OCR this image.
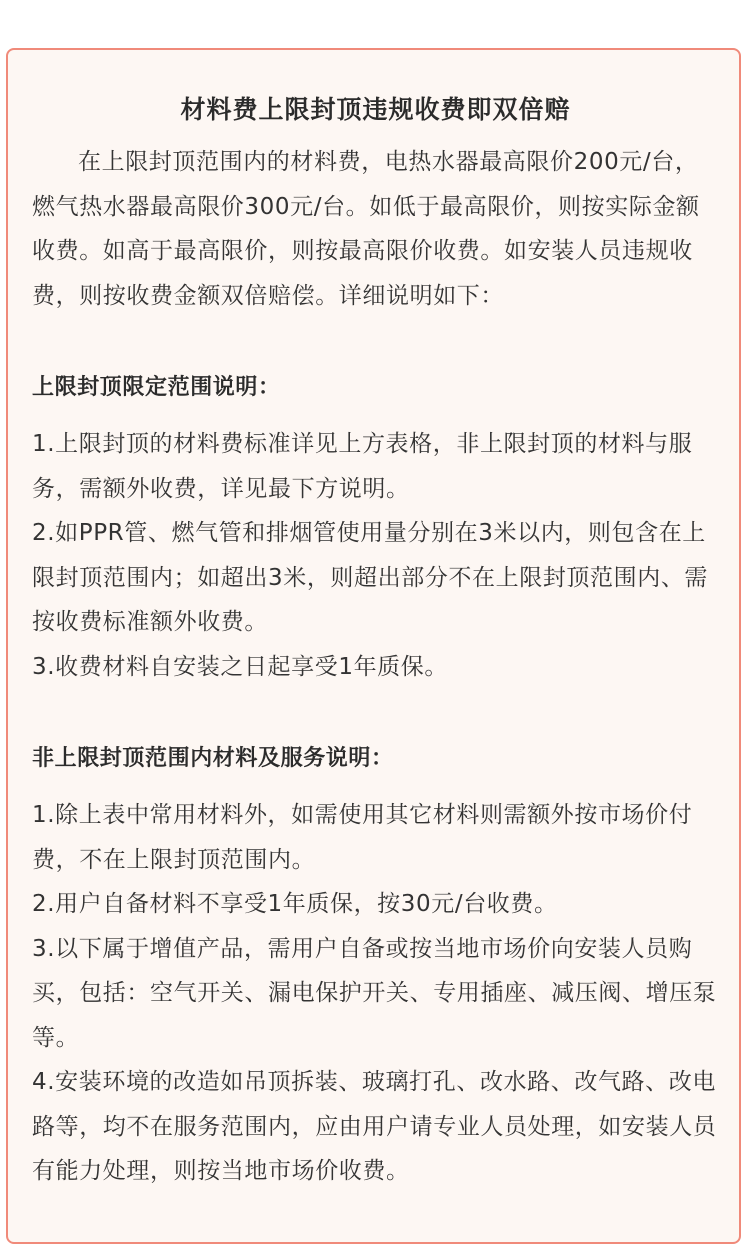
材料费上限封顶违规收费即双倍赔

在上限封顶范围内的材料费，电热水器最高限价200元/台，燃气热水器最高限价300元/台。如低于最高限价，则按实际金额收费。如高于最高限价，则按最高限价收费。如安装人员违规收费，则按收费金额双倍赔偿。详细说明如下：

上限封顶限定范围说明：

1.上限封顶的材料费标准详见上方表格，非上限封顶的材料与服务，需额外收费，详见最下方说明。

2.如PPR管、燃气管和排烟管使用量分别在3米以内，则包含在上限封顶范围内；如超出3米，则超出部分不在上限封顶范围内、需按收费标准额外收费。

3.收费材料自安装之日起享受1年质保。

非上限封顶范围内材料及服务说明：

1.除上表中常用材料外，如需使用其它材料则需额外按市场价付费，不在上限封顶范围内。

2.用户自备材料不享受1年质保，按30元/台收费。

3.以下属于增值产品，需用户自备或按当地市场价向安装人员购买，包括：空气开关、漏电保护开关、专用插座、减压阀、增压泵等。

4.安装环境的改造如吊顶拆装、玻璃打孔、改水路、改气路、改电路等，均不在服务范围内，应由用户请专业人员处理，如安装人员有能力处理，则按当地市场价收费。
